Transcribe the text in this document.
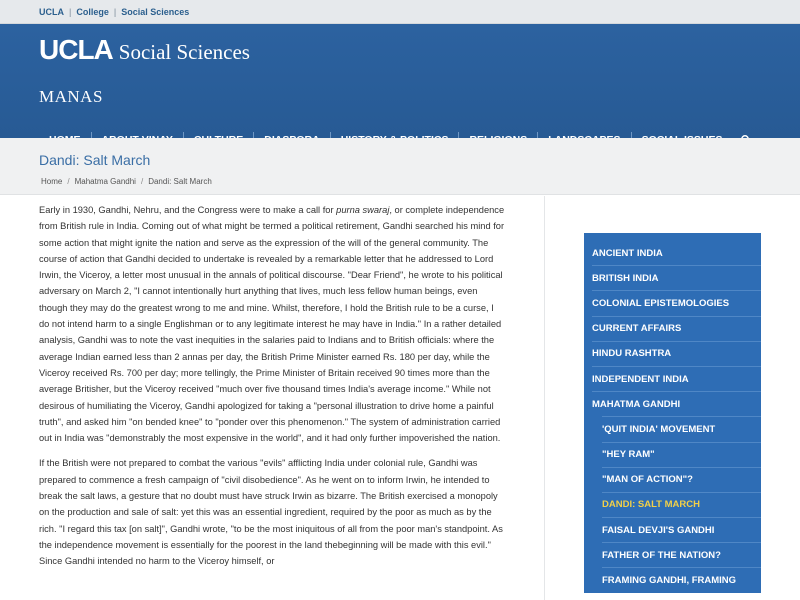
UCLA | College | Social Sciences
UCLA Social Sciences
MANAS
Dandi: Salt March
Home / Mahatma Gandhi / Dandi: Salt March

Early in 1930, Gandhi, Nehru, and the Congress were to make a call for purna swaraj, or complete independence from British rule in India. Coming out of what might be termed a political retirement, Gandhi searched his mind for some action that might ignite the nation and serve as the expression of the will of the general community. The course of action that Gandhi decided to undertake is revealed by a remarkable letter that he addressed to Lord Irwin, the Viceroy, a letter most unusual in the annals of political discourse. "Dear Friend", he wrote to his political adversary on March 2, "I cannot intentionally hurt anything that lives, much less fellow human beings, even though they may do the greatest wrong to me and mine. Whilst, therefore, I hold the British rule to be a curse, I do not intend harm to a single Englishman or to any legitimate interest he may have in India." In a rather detailed analysis, Gandhi was to note the vast inequities in the salaries paid to Indians and to British officials: where the average Indian earned less than 2 annas per day, the British Prime Minister earned Rs. 180 per day, while the Viceroy received Rs. 700 per day; more tellingly, the Prime Minister of Britain received 90 times more than the average Britisher, but the Viceroy received "much over five thousand times India's average income." While not desirous of humiliating the Viceroy, Gandhi apologized for taking a "personal illustration to drive home a painful truth", and asked him "on bended knee" to "ponder over this phenomenon." The system of administration carried out in India was "demonstrably the most expensive in the world", and it had only further impoverished the nation.

If the British were not prepared to combat the various "evils" afflicting India under colonial rule, Gandhi was prepared to commence a fresh campaign of "civil disobedience". As he went on to inform Irwin, he intended to break the salt laws, a gesture that no doubt must have struck Irwin as bizarre. The British exercised a monopoly on the production and sale of salt: yet this was an essential ingredient, required by the poor as much as by the rich. "I regard this tax [on salt]", Gandhi wrote, "to be the most iniquitous of all from the poor man's standpoint. As the independence movement is essentially for the poorest in the land thebeginning will be made with this evil." Since Gandhi intended no harm to the Viceroy himself, or

ANCIENT INDIA
BRITISH INDIA
COLONIAL EPISTEMOLOGIES
CURRENT AFFAIRS
HINDU RASHTRA
INDEPENDENT INDIA
MAHATMA GANDHI
'QUIT INDIA' MOVEMENT
"HEY RAM"
"MAN OF ACTION"?
DANDI: SALT MARCH
FAISAL DEVJI'S GANDHI
FATHER OF THE NATION?
FRAMING GANDHI, FRAMING
